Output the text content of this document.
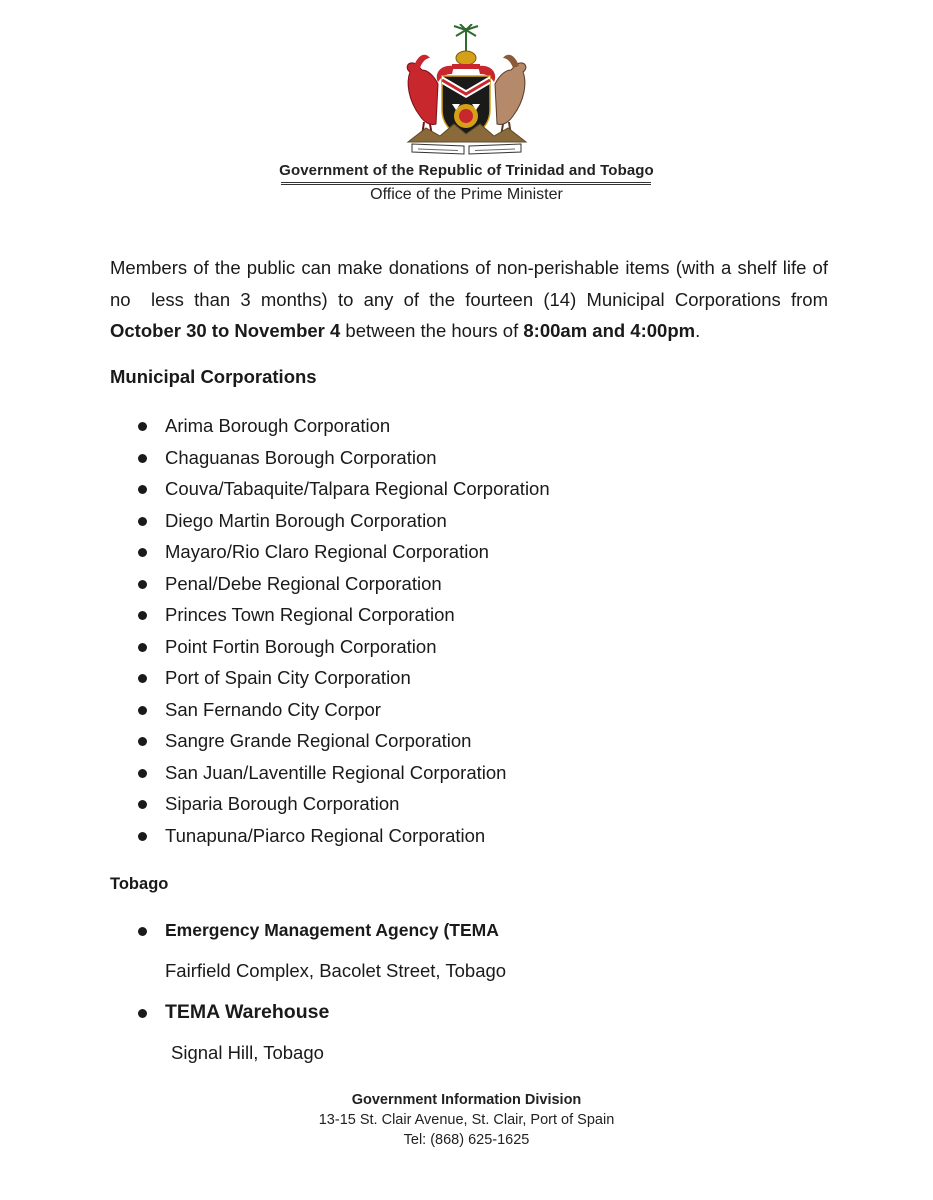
Government of the Republic of Trinidad and Tobago
Office of the Prime Minister

Members of the public can make donations of non-perishable items (with a shelf life of no  less than 3 months) to any of the fourteen (14) Municipal Corporations from October 30 to November 4 between the hours of 8:00am and 4:00pm.

Municipal Corporations
Arima Borough Corporation
Chaguanas Borough Corporation
Couva/Tabaquite/Talpara Regional Corporation
Diego Martin Borough Corporation
Mayaro/Rio Claro Regional Corporation
Penal/Debe Regional Corporation
Princes Town Regional Corporation
Point Fortin Borough Corporation
Port of Spain City Corporation
San Fernando City Corpor
Sangre Grande Regional Corporation
San Juan/Laventille Regional Corporation
Siparia Borough Corporation
Tunapuna/Piarco Regional Corporation
Tobago
Emergency Management Agency (TEMA
Fairfield Complex, Bacolet Street, Tobago
TEMA Warehouse
Signal Hill, Tobago
Government Information Division
13-15 St. Clair Avenue, St. Clair, Port of Spain
Tel: (868) 625-1625
